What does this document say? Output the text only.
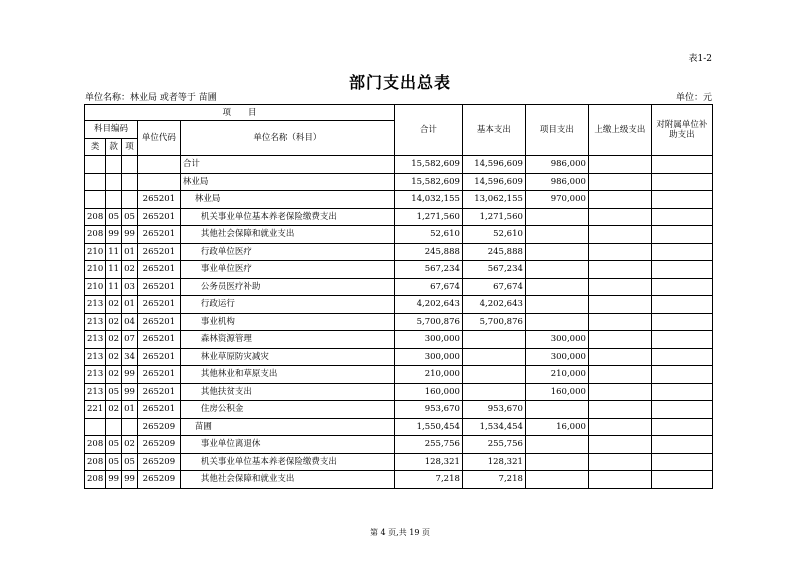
表1-2
部门支出总表
单位名称：林业局 或者等于 苗圃	单位：元
项　　目					合计	基本支出	项目支出	上缴上级支出	对附属单位补助支出
科目编码			单位代码	单位名称（科目）					
类	款	项							
				合计	15,582,609	14,596,609	986,000		
				林业局	15,582,609	14,596,609	986,000		
			265201	林业局	14,032,155	13,062,155	970,000		
208	05	05	265201	机关事业单位基本养老保险缴费支出	1,271,560	1,271,560			
208	99	99	265201	其他社会保障和就业支出	52,610	52,610			
210	11	01	265201	行政单位医疗	245,888	245,888			
210	11	02	265201	事业单位医疗	567,234	567,234			
210	11	03	265201	公务员医疗补助	67,674	67,674			
213	02	01	265201	行政运行	4,202,643	4,202,643			
213	02	04	265201	事业机构	5,700,876	5,700,876			
213	02	07	265201	森林资源管理	300,000		300,000		
213	02	34	265201	林业草原防灾减灾	300,000		300,000		
213	02	99	265201	其他林业和草原支出	210,000		210,000		
213	05	99	265201	其他扶贫支出	160,000		160,000		
221	02	01	265201	住房公积金	953,670	953,670			
			265209	苗圃	1,550,454	1,534,454	16,000		
208	05	02	265209	事业单位离退休	255,756	255,756			
208	05	05	265209	机关事业单位基本养老保险缴费支出	128,321	128,321			
208	99	99	265209	其他社会保障和就业支出	7,218	7,218			
第 4 页,共 19 页
